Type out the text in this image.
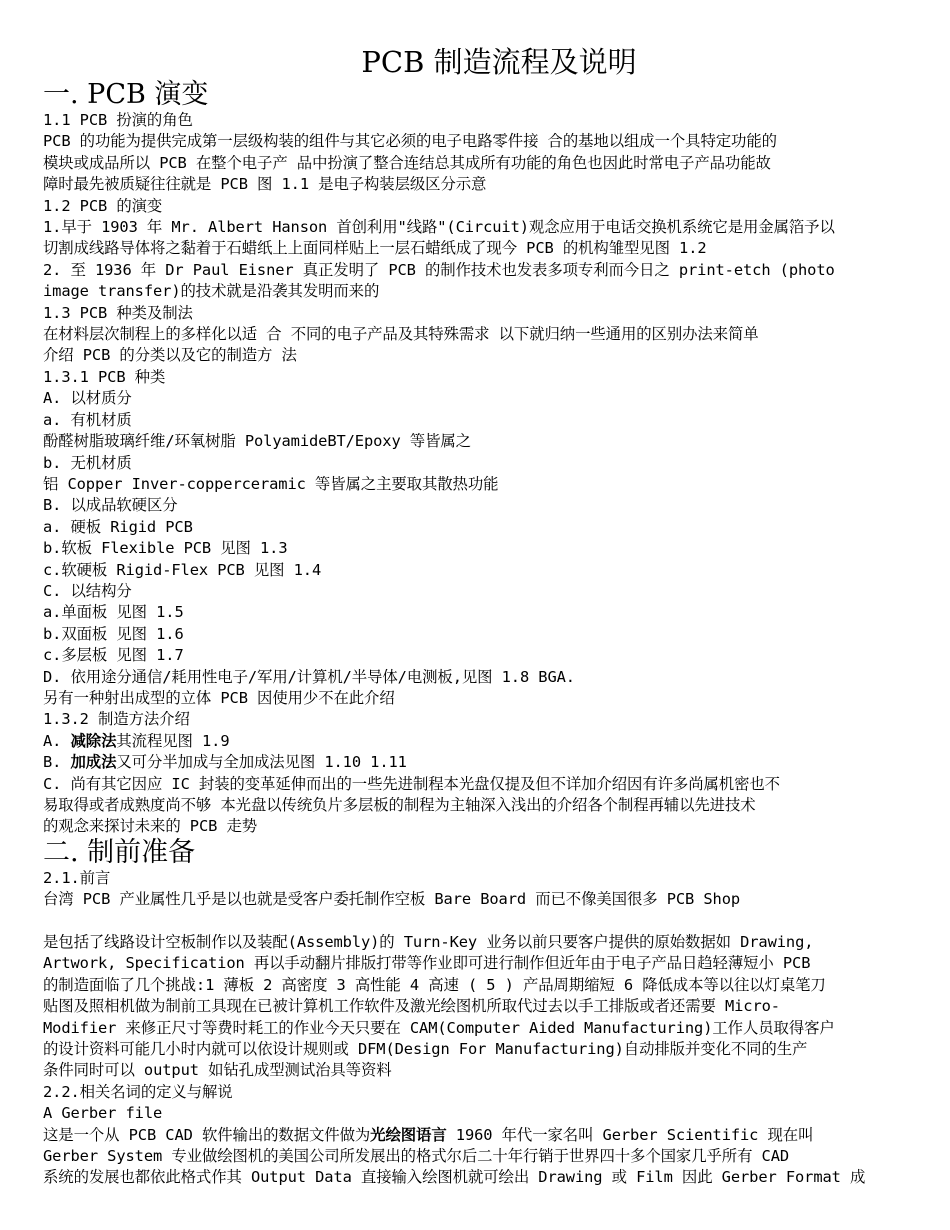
PCB 制造流程及说明
一. PCB 演变
1.1 PCB 扮演的角色
PCB 的功能为提供完成第一层级构装的组件与其它必须的电子电路零件接 合的基地以组成一个具特定功能的
模块或成品所以 PCB 在整个电子产 品中扮演了整合连结总其成所有功能的角色也因此时常电子产品功能故
障时最先被质疑往往就是 PCB 图 1.1 是电子构装层级区分示意
1.2 PCB 的演变
1.早于 1903 年 Mr. Albert Hanson 首创利用"线路"(Circuit)观念应用于电话交换机系统它是用金属箔予以
切割成线路导体将之黏着于石蜡纸上上面同样贴上一层石蜡纸成了现今 PCB 的机构雏型见图 1.2
2. 至 1936 年 Dr Paul Eisner 真正发明了 PCB 的制作技术也发表多项专利而今日之 print-etch (photo
image transfer)的技术就是沿袭其发明而来的
1.3 PCB 种类及制法
在材料层次制程上的多样化以适 合 不同的电子产品及其特殊需求 以下就归纳一些通用的区别办法来简单
介绍 PCB 的分类以及它的制造方 法
1.3.1 PCB 种类
A. 以材质分
a. 有机材质
酚醛树脂玻璃纤维/环氧树脂 PolyamideBT/Epoxy 等皆属之
b. 无机材质
铝 Copper Inver-copperceramic 等皆属之主要取其散热功能
B. 以成品软硬区分
a. 硬板 Rigid PCB
b.软板 Flexible PCB 见图 1.3
c.软硬板 Rigid-Flex PCB 见图 1.4
C. 以结构分
a.单面板 见图 1.5
b.双面板 见图 1.6
c.多层板 见图 1.7
D. 依用途分通信/耗用性电子/军用/计算机/半导体/电测板,见图 1.8 BGA.
另有一种射出成型的立体 PCB 因使用少不在此介绍
1.3.2 制造方法介绍
A. 减除法其流程见图 1.9
B. 加成法又可分半加成与全加成法见图 1.10 1.11
C. 尚有其它因应 IC 封装的变革延伸而出的一些先进制程本光盘仅提及但不详加介绍因有许多尚属机密也不
易取得或者成熟度尚不够 本光盘以传统负片多层板的制程为主轴深入浅出的介绍各个制程再辅以先进技术
的观念来探讨未来的 PCB 走势
二. 制前准备
2.1.前言
台湾 PCB 产业属性几乎是以也就是受客户委托制作空板 Bare Board 而已不像美国很多 PCB Shop
是包括了线路设计空板制作以及装配(Assembly)的 Turn-Key 业务以前只要客户提供的原始数据如 Drawing,
Artwork, Specification 再以手动翻片排版打带等作业即可进行制作但近年由于电子产品日趋轻薄短小 PCB
的制造面临了几个挑战:1 薄板 2 高密度 3 高性能 4 高速 ( 5 ) 产品周期缩短 6 降低成本等以往以灯桌笔刀
贴图及照相机做为制前工具现在已被计算机工作软件及激光绘图机所取代过去以手工排版或者还需要 Micro-
Modifier 来修正尺寸等费时耗工的作业今天只要在 CAM(Computer Aided Manufacturing)工作人员取得客户
的设计资料可能几小时内就可以依设计规则或 DFM(Design For Manufacturing)自动排版并变化不同的生产
条件同时可以 output 如钻孔成型测试治具等资料
2.2.相关名词的定义与解说
A Gerber file
这是一个从 PCB CAD 软件输出的数据文件做为光绘图语言 1960 年代一家名叫 Gerber Scientific 现在叫
Gerber System 专业做绘图机的美国公司所发展出的格式尔后二十年行销于世界四十多个国家几乎所有 CAD
系统的发展也都依此格式作其 Output Data 直接输入绘图机就可绘出 Drawing 或 Film 因此 Gerber Format 成
